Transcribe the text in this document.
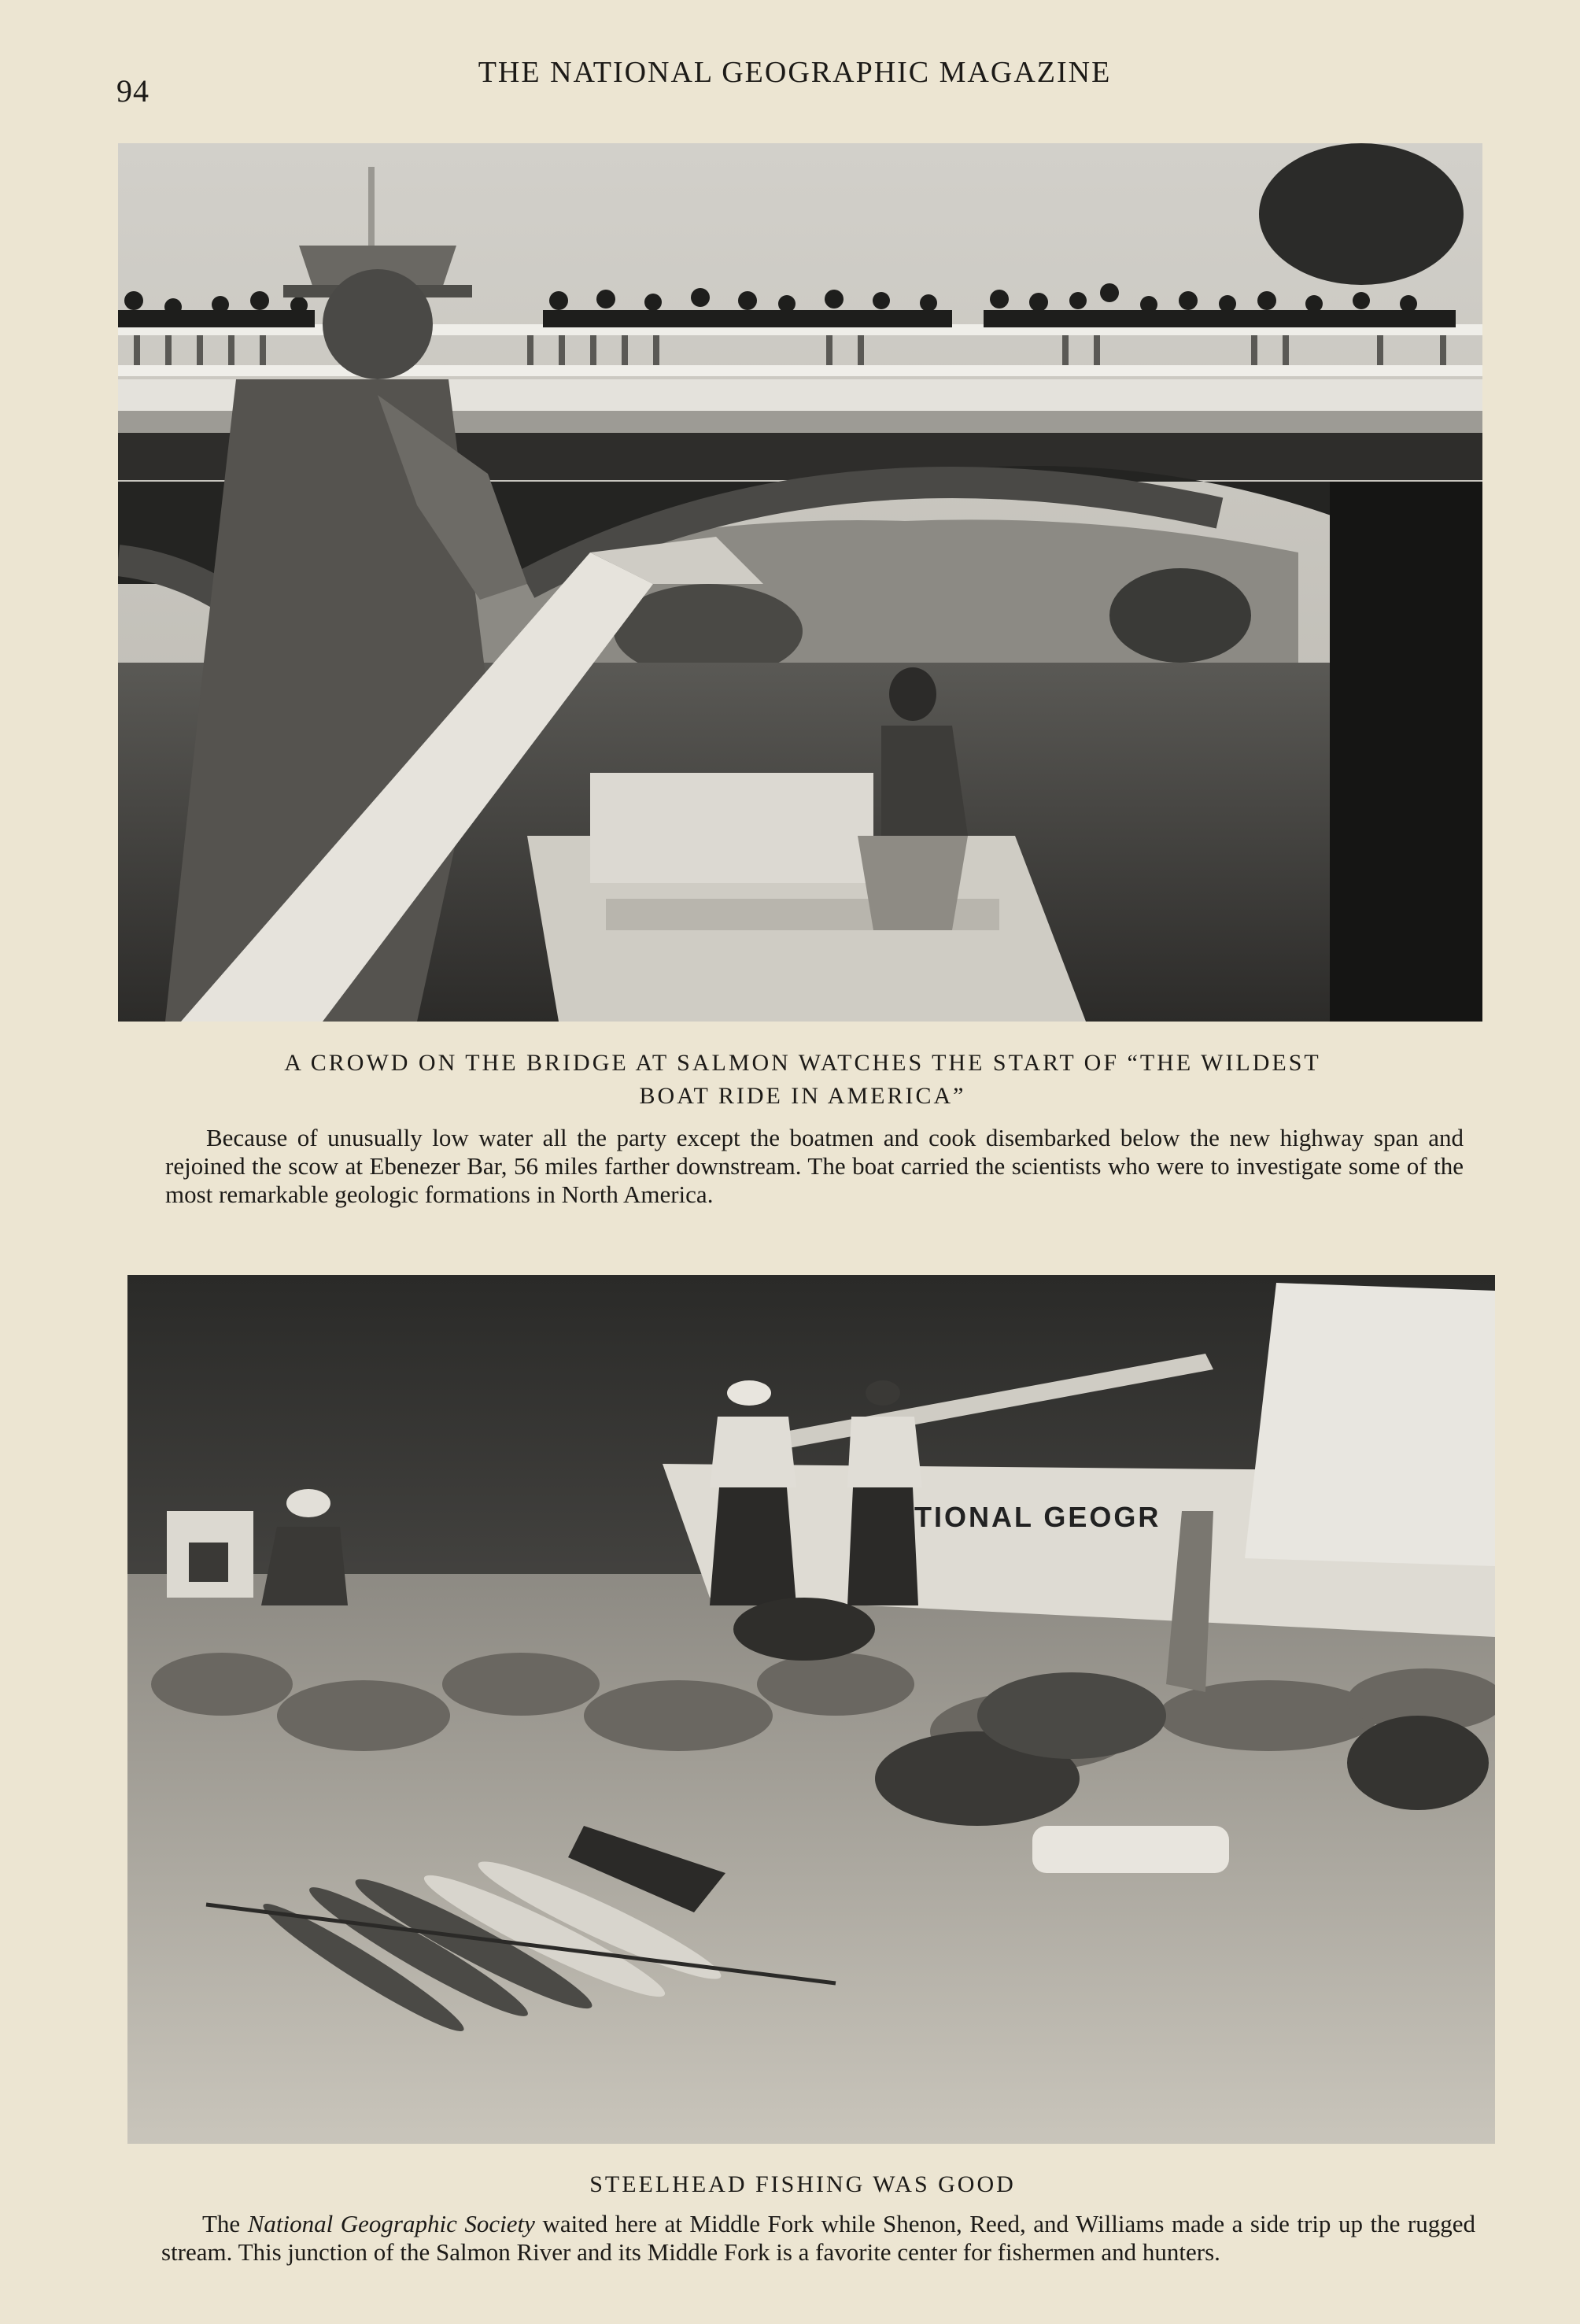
94
THE NATIONAL GEOGRAPHIC MAGAZINE
A CROWD ON THE BRIDGE AT SALMON WATCHES THE START OF “THE WILDEST
BOAT RIDE IN AMERICA”
Because of unusually low water all the party except the boatmen and cook disembarked below the new highway span and rejoined the scow at Ebenezer Bar, 56 miles farther downstream. The boat carried the scientists who were to investigate some of the most remarkable geologic formations in North America.
TIONAL GEOGR
STEELHEAD FISHING WAS GOOD
The National Geographic Society waited here at Middle Fork while Shenon, Reed, and Williams made a side trip up the rugged stream. This junction of the Salmon River and its Middle Fork is a favorite center for fishermen and hunters.
